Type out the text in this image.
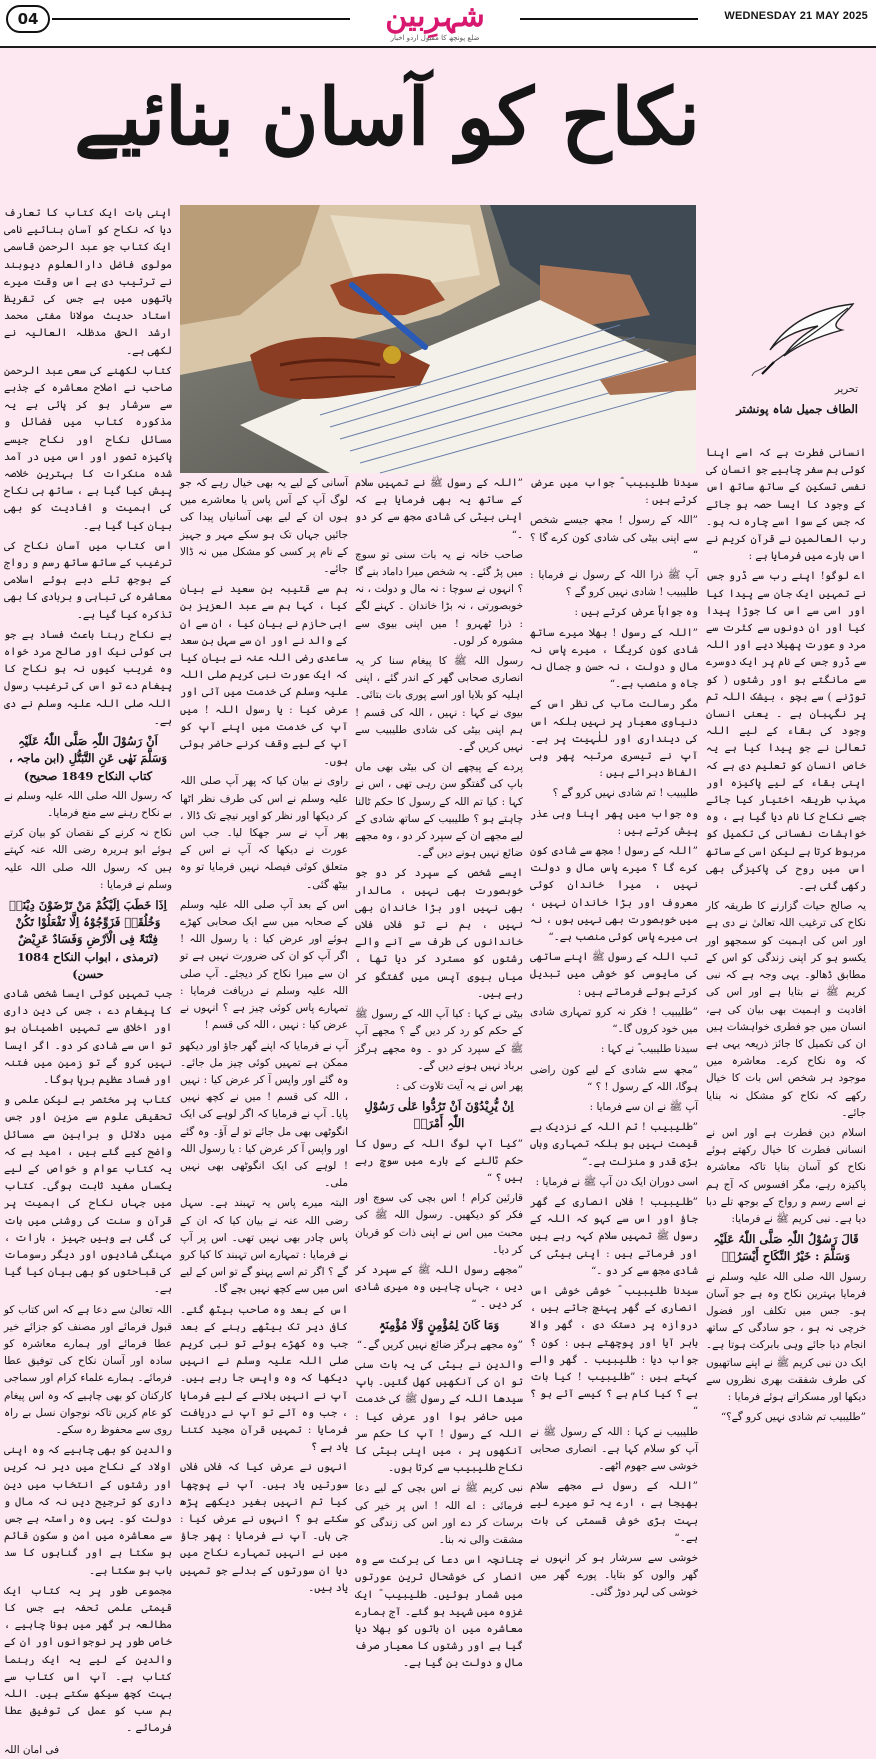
04	شہرِبین
ضلع پونچھ کا مقبول اردو اخبار
WEDNESDAY 21 MAY 2025
نکاح کو آسان بنائیے
تحریر
الطاف جمیل شاہ پونشتر

انسانی فطرت ہے کہ اسے اپنا کوئی ہم سفر چاہیے جو انسان کی نفسی تسکین کے ساتھ ساتھ اس کے وجود کا ایسا حصہ ہو جائے کہ جس کے سوا اسے چارہ نہ ہو۔ رب العالمین نے قرآن کریم نے اس بارے میں فرمایا ہے :

اے لوگو! اپنے رب سے ڈرو جس نے تمہیں ایک جان سے پیدا کیا اور اسی سے اس کا جوڑا پیدا کیا اور ان دونوں سے کثرت سے مرد و عورت پھیلا دیے اور اللہ سے ڈرو جس کے نام پر ایک دوسرے سے مانگتے ہو اور رشتوں ( کو توڑنے ) سے بچو ، بیشک اللہ تم پر نگہبان ہے ۔ یعنی انسان وجود کی بقاء کے لیے اللہ تعالیٰ نے جو پیدا کیا ہے یہ خاص انسان کو تعلیم دی ہے کہ اپنی بقاء کے لیے پاکیزہ اور مہذب طریقہ اختیار کیا جائے جسے نکاح کا نام دیا گیا ہے ، وہ خواہشات نفسانی کی تکمیل کو مربوط کرتا ہے لیکن اسی کے ساتھ اس میں روح کی پاکیزگی بھی رکھی گئی ہے۔

یہ صالح حیات گزارنے کا طریقہ کار نکاح کی ترغیب اللہ تعالیٰ نے دی ہے اور اس کی اہمیت کو سمجھو اور یکسو ہو کر اپنی زندگی کو اس کے مطابق ڈھالو۔ یہی وجہ ہے کہ نبی کریم ﷺ نے بتایا ہے اور اس کی افادیت و اہمیت بھی بیان کی ہے، انسان میں جو فطری خواہشات ہیں ان کی تکمیل کا جائز ذریعہ یہی ہے کہ وہ نکاح کرے۔ معاشرہ میں موجود ہر شخص اس بات کا خیال رکھے کہ نکاح کو مشکل نہ بنایا جائے۔

اسلام دین فطرت ہے اور اس نے انسانی فطرت کا خیال رکھتے ہوئے نکاح کو آسان بنایا تاکہ معاشرہ پاکیزہ رہے، مگر افسوس کہ آج ہم نے اسے رسم و رواج کے بوجھ تلے دبا دیا ہے۔ نبی کریم ﷺ نے فرمایا:

قَالَ رَسُوْلُ اللّٰہِ صَلَّی اللّٰہُ عَلَیْہِ وَسَلَّمَ : خَیْرُ النِّکَاحِ أَیْسَرُہٗ

رسول اللہ صلی اللہ علیہ وسلم نے فرمایا بہترین نکاح وہ ہے جو آسان ہو۔ جس میں تکلف اور فضول خرچی نہ ہو ، جو سادگی کے ساتھ انجام دیا جائے وہی بابرکت ہوتا ہے۔ ایک دن نبی کریم ﷺ نے اپنے ساتھیوں کی طرف شفقت بھری نظروں سے دیکھا اور مسکراتے ہوئے فرمایا :

”طلیبیب تم شادی نہیں کرو گے؟“

سیدنا طلیبیب ؓ جواب میں عرض کرتے ہیں :

”اللہ کے رسول ! مجھ جیسے شخص سے اپنی بیٹی کی شادی کون کرے گا ؟ “

آپ ﷺ ذرا اللہ کے رسول نے فرمایا : طلیبیب ! شادی نہیں کرو گے ؟

وہ جواباً عرض کرتے ہیں :

”اللہ کے رسول ! بھلا میرے ساتھ شادی کون کریگا ، میرے پاس نہ مال و دولت ، نہ حسن و جمال نہ جاہ و منصب ہے۔“

مگر رسالت مآب کی نظر اس کے دنیاوی معیار پر نہیں بلکہ اس کی دینداری اور للٰہیت پر ہے۔ آپ نے تیسری مرتبہ پھر وہی الفاظ دہرائے ہیں :

طلیبیب ! تم شادی نہیں کرو گے ؟

وہ جواب میں پھر اپنا وہی عذر پیش کرتے ہیں :

”اللہ کے رسول ! مجھ سے شادی کون کرے گا ؟ میرے پاس مال و دولت نہیں ، میرا خاندان کوئی معروف اور بڑا خاندان نہیں ، میں خوبصورت بھی نہیں ہوں ، نہ ہی میرے پاس کوئی منصب ہے۔“

تب اللہ کے رسول ﷺ اپنے ساتھی کی مایوسی کو خوشی میں تبدیل کرتے ہوئے فرماتے ہیں :

”طلیبیب ! فکر نہ کرو تمہاری شادی میں خود کروں گا۔“

سیدنا طلیبیب ؓ نے کہا :

”مجھ سے شادی کے لیے کون راضی ہوگا، اللہ کے رسول ! ؟ “

آپ ﷺ نے ان سے فرمایا :

”طلیبیب ! تم اللہ کے نزدیک بے قیمت نہیں ہو بلکہ تمہاری وہاں بڑی قدر و منزلت ہے۔“

اسی دوران ایک دن آپ ﷺ نے فرمایا :

”طلیبیب ! فلاں انصاری کے گھر جاؤ اور اس سے کہو کہ اللہ کے رسول ﷺ تمہیں سلام کہہ رہے ہیں اور فرماتے ہیں : اپنی بیٹی کی شادی مجھ سے کر دو ۔“

سیدنا طلیبیب ؓ خوشی خوشی اس انصاری کے گھر پہنچ جاتے ہیں ، دروازہ پر دستک دی ، گھر والا باہر آیا اور پوچھتے ہیں : کون ؟ جواب دیا : طلیبیب ۔ گھر والے کہتے ہیں : ”طلیبیب ! کیا بات ہے ؟ کیا کام ہے ؟ کیسے آئے ہو ؟ “

طلیبیب نے کہا : اللہ کے رسول ﷺ نے آپ کو سلام کہا ہے۔ انصاری صحابی خوشی سے جھوم اٹھے۔

”اللہ کے رسول نے مجھے سلام بھیجا ہے ، ارے یہ تو میرے لیے بہت بڑی خوش قسمتی کی بات ہے۔“

خوشی سے سرشار ہو کر انہوں نے گھر والوں کو بتایا۔ پورے گھر میں خوشی کی لہر دوڑ گئی۔

”اللہ کے رسول ﷺ نے تمہیں سلام کے ساتھ یہ بھی فرمایا ہے کہ اپنی بیٹی کی شادی مجھ سے کر دو ۔“

صاحب خانہ نے یہ بات سنی تو سوچ میں پڑ گئے۔ یہ شخص میرا داماد بنے گا ؟ انہوں نے سوچا : نہ مال و دولت ، نہ خوبصورتی ، نہ بڑا خاندان ۔ کہنے لگے : ذرا ٹھہرو ! میں اپنی بیوی سے مشورہ کر لوں۔

رسول اللہ ﷺ کا پیغام سنا کر یہ انصاری صحابی گھر کے اندر گئے ، اپنی اہلیہ کو بلایا اور اسے پوری بات بتائی۔ بیوی نے کہا : نہیں ، اللہ کی قسم ! ہم اپنی بیٹی کی شادی طلیبیب سے نہیں کریں گے۔

پردے کے پیچھے ان کی بیٹی بھی ماں باپ کی گفتگو سن رہی تھی ، اس نے کہا : کیا تم اللہ کے رسول کا حکم ٹالنا چاہتے ہو ؟ طلیبیب کے ساتھ شادی کے لیے مجھے ان کے سپرد کر دو ، وہ مجھے ضائع نہیں ہونے دیں گے۔

ایسے شخص کے سپرد کر دو جو خوبصورت بھی نہیں ، مالدار بھی نہیں اور بڑا خاندان بھی نہیں ، ہم نے تو فلاں فلاں خاندانوں کی طرف سے آنے والے رشتوں کو مسترد کر دیا تھا ، میاں بیوی آپس میں گفتگو کر رہے ہیں۔

بیٹی نے کہا : کیا آپ اللہ کے رسول ﷺ کے حکم کو رد کر دیں گے ؟ مجھے آپ ﷺ کے سپرد کر دو ۔ وہ مجھے ہرگز برباد نہیں ہونے دیں گے۔

پھر اس نے یہ آیت تلاوت کی :

اِنْ یُّرِیْدُوْنَ اَنْ تَرُدُّوا عَلٰی رَسُوْلِ اللّٰہِ أَمْرَہٗ

”کیا آپ لوگ اللہ کے رسول کا حکم ٹالنے کے بارے میں سوچ رہے ہیں ؟ “

قارئین کرام ! اس بچی کی سوچ اور فکر کو دیکھیں۔ رسول اللہ ﷺ کی محبت میں اس نے اپنی ذات کو قربان کر دیا۔

”مجھے رسول اللہ ﷺ کے سپرد کر دیں ، جہاں چاہیں وہ میری شادی کر دیں ۔ “

وَمَا کَانَ لِمُؤْمِنٍ وَّلَا مُؤْمِنَۃٍ

”وہ مجھے ہرگز ضائع نہیں کریں گے۔“

والدین نے بیٹی کی یہ بات سنی تو ان کی آنکھیں کھل گئیں۔ باپ سیدھا اللہ کے رسول ﷺ کی خدمت میں حاضر ہوا اور عرض کیا : اللہ کے رسول ! آپ کا حکم سر آنکھوں پر ، میں اپنی بیٹی کا نکاح طلیبیب سے کرتا ہوں۔

نبی کریم ﷺ نے اس بچی کے لیے دعا فرمائی : اے اللہ ! اس پر خیر کی برسات کر دے اور اس کی زندگی کو مشقت والی نہ بنا۔

چنانچہ اس دعا کی برکت سے وہ انصار کی خوشحال ترین عورتوں میں شمار ہوئیں۔ طلیبیب ؓ ایک غزوہ میں شہید ہو گئے۔ آج ہمارے معاشرہ میں ان باتوں کو بھلا دیا گیا ہے اور رشتوں کا معیار صرف مال و دولت بن گیا ہے۔

آسانی کے لیے یہ بھی خیال رہے کہ جو لوگ آپ کے آس پاس یا معاشرے میں ہوں ان کے لیے بھی آسانیاں پیدا کی جائیں جہاں تک ہو سکے مہر و جہیز کے نام پر کسی کو مشکل میں نہ ڈالا جائے۔

ہم سے قتیبہ بن سعید نے بیان کیا ، کہا ہم سے عبد العزیز بن ابی حازم نے بیان کیا ، ان سے ان کے والد نے اور ان سے سہل بن سعد ساعدی رضی اللہ عنہ نے بیان کیا کہ ایک عورت نبی کریم صلی اللہ علیہ وسلم کی خدمت میں آئی اور عرض کیا : یا رسول اللہ ! میں آپ کی خدمت میں اپنے آپ کو آپ کے لیے وقف کرنے حاضر ہوئی ہوں۔

راوی نے بیان کیا کہ پھر آپ صلی اللہ علیہ وسلم نے اس کی طرف نظر اٹھا کر دیکھا اور نظر کو اوپر نیچے تک ڈالا ، پھر آپ نے سر جھکا لیا۔ جب اس عورت نے دیکھا کہ آپ نے اس کے متعلق کوئی فیصلہ نہیں فرمایا تو وہ بیٹھ گئی۔

اس کے بعد آپ صلی اللہ علیہ وسلم کے صحابہ میں سے ایک صحابی کھڑے ہوئے اور عرض کیا : یا رسول اللہ ! اگر آپ کو ان کی ضرورت نہیں ہے تو ان سے میرا نکاح کر دیجئے۔ آپ صلی اللہ علیہ وسلم نے دریافت فرمایا : تمہارے پاس کوئی چیز ہے ؟ انہوں نے عرض کیا : نہیں ، اللہ کی قسم !

آپ نے فرمایا کہ اپنے گھر جاؤ اور دیکھو ممکن ہے تمہیں کوئی چیز مل جائے۔ وہ گئے اور واپس آ کر عرض کیا : نہیں ، اللہ کی قسم ! میں نے کچھ نہیں پایا۔ آپ نے فرمایا کہ اگر لوہے کی ایک انگوٹھی بھی مل جائے تو لے آؤ۔ وہ گئے اور واپس آ کر عرض کیا : یا رسول اللہ ! لوہے کی ایک انگوٹھی بھی نہیں ملی۔

البتہ میرے پاس یہ تہبند ہے۔ سہل رضی اللہ عنہ نے بیان کیا کہ ان کے پاس چادر بھی نہیں تھی۔ اس پر آپ نے فرمایا : تمہارے اس تہبند کا کیا کرو گے ؟ اگر تم اسے پہنو گے تو اس کے لیے اس میں سے کچھ نہیں بچے گا۔

اس کے بعد وہ صاحب بیٹھ گئے۔ کافی دیر تک بیٹھے رہنے کے بعد جب وہ کھڑے ہوئے تو نبی کریم صلی اللہ علیہ وسلم نے انہیں دیکھا کہ وہ واپس جا رہے ہیں۔ آپ نے انہیں بلانے کے لیے فرمایا ، جب وہ آئے تو آپ نے دریافت فرمایا : تمہیں قرآن مجید کتنا یاد ہے ؟

انہوں نے عرض کیا کہ فلاں فلاں سورتیں یاد ہیں۔ آپ نے پوچھا کیا تم انہیں بغیر دیکھے پڑھ سکتے ہو ؟ انہوں نے عرض کیا : جی ہاں۔ آپ نے فرمایا : پھر جاؤ میں نے انہیں تمہارے نکاح میں دیا ان سورتوں کے بدلے جو تمہیں یاد ہیں۔

اپنی بات ایک کتاب کا تعارف دیا کہ نکاح کو آسان بنائیے نامی ایک کتاب جو عبد الرحمن قاسمی مولوی فاضل دارالعلوم دیوبند نے ترتیب دی ہے اس وقت میرے ہاتھوں میں ہے جس کی تقریظ استاد حدیث مولانا مفتی محمد ارشد الحق مدظلہ العالیہ نے لکھی ہے۔

کتاب لکھنے کی سعی عبد الرحمن صاحب نے اصلاح معاشرہ کے جذبے سے سرشار ہو کر پائی ہے یہ مذکورہ کتاب میں فضائل و مسائل نکاح اور نکاح جیسے پاکیزہ تصور اور اس میں در آمد شدہ منکرات کا بہترین خلاصہ پیش کیا گیا ہے ، ساتھ ہی نکاح کی اہمیت و افادیت کو بھی بیان کیا گیا ہے۔

اس کتاب میں آسان نکاح کی ترغیب کے ساتھ ساتھ رسم و رواج کے بوجھ تلے دبے ہوئے اسلامی معاشرہ کی تباہی و بربادی کا بھی تذکرہ کیا گیا ہے۔

بے نکاح رہنا باعث فساد ہے جو ہی کوئی نیک اور صالح مرد خواہ وہ غریب کیوں نہ ہو نکاح کا پیغام دے تو اس کی ترغیب رسول اللہ صلی اللہ علیہ وسلم نے دی ہے۔

اَنْ رَسُوْلَ اللّٰہِ صَلَّی اللّٰہُ عَلَیْہِ وَسَلَّمَ نَھٰی عَنِ التَّبَتُّلِ (ابن ماجہ ، کتاب النکاح 1849 صحیح)

کہ رسول اللہ صلی اللہ علیہ وسلم نے بے نکاح رہنے سے منع فرمایا۔

نکاح نہ کرنے کے نقصان کو بیان کرتے ہوئے ابو ہریرہ رضی اللہ عنہ کہتے ہیں کہ رسول اللہ صلی اللہ علیہ وسلم نے فرمایا :

اِذَا خَطَبَ اِلَیْکُمْ مَنْ تَرْضَوْنَ دِیْنَہٗ وَخُلُقَہٗ فَزَوِّجُوْہُ اِلَّا تَفْعَلُوْا تَکُنْ فِتْنَۃٌ فِی الْاَرْضِ وَفَسَادٌ عَرِیْضٌ (ترمذی ، ابواب النکاح 1084 حسن)

جب تمہیں کوئی ایسا شخص شادی کا پیغام دے ، جس کی دین داری اور اخلاق سے تمہیں اطمینان ہو تو اس سے شادی کر دو۔ اگر ایسا نہیں کرو گے تو زمین میں فتنہ اور فساد عظیم برپا ہوگا۔

کتاب پر مختصر بے لیکن علمی و تحقیقی علوم سے مزین اور جس میں دلائل و براہین سے مسائل واضح کیے گئے ہیں ، امید ہے کہ یہ کتاب عوام و خواص کے لیے یکساں مفید ثابت ہوگی۔ کتاب میں جہاں نکاح کی اہمیت پر قرآن و سنت کی روشنی میں بات کی گئی ہے وہیں جہیز ، بارات ، مہنگی شادیوں اور دیگر رسومات کی قباحتوں کو بھی بیان کیا گیا ہے۔

اللہ تعالیٰ سے دعا ہے کہ اس کتاب کو قبول فرمائے اور مصنف کو جزائے خیر عطا فرمائے اور ہمارے معاشرہ کو سادہ اور آسان نکاح کی توفیق عطا فرمائے۔ ہمارے علماء کرام اور سماجی کارکنان کو بھی چاہیے کہ وہ اس پیغام کو عام کریں تاکہ نوجوان نسل بے راہ روی سے محفوظ رہ سکے۔

والدین کو بھی چاہیے کہ وہ اپنی اولاد کے نکاح میں دیر نہ کریں اور رشتوں کے انتخاب میں دین داری کو ترجیح دیں نہ کہ مال و دولت کو۔ یہی وہ راستہ ہے جس سے معاشرہ میں امن و سکون قائم ہو سکتا ہے اور گناہوں کا سد باب ہو سکتا ہے۔

مجموعی طور پر یہ کتاب ایک قیمتی علمی تحفہ ہے جس کا مطالعہ ہر گھر میں ہونا چاہیے ، خاص طور پر نوجوانوں اور ان کے والدین کے لیے یہ ایک رہنما کتاب ہے۔ آپ اس کتاب سے بہت کچھ سیکھ سکتے ہیں۔ اللہ ہم سب کو عمل کی توفیق عطا فرمائے ۔

فی امان اللہ
